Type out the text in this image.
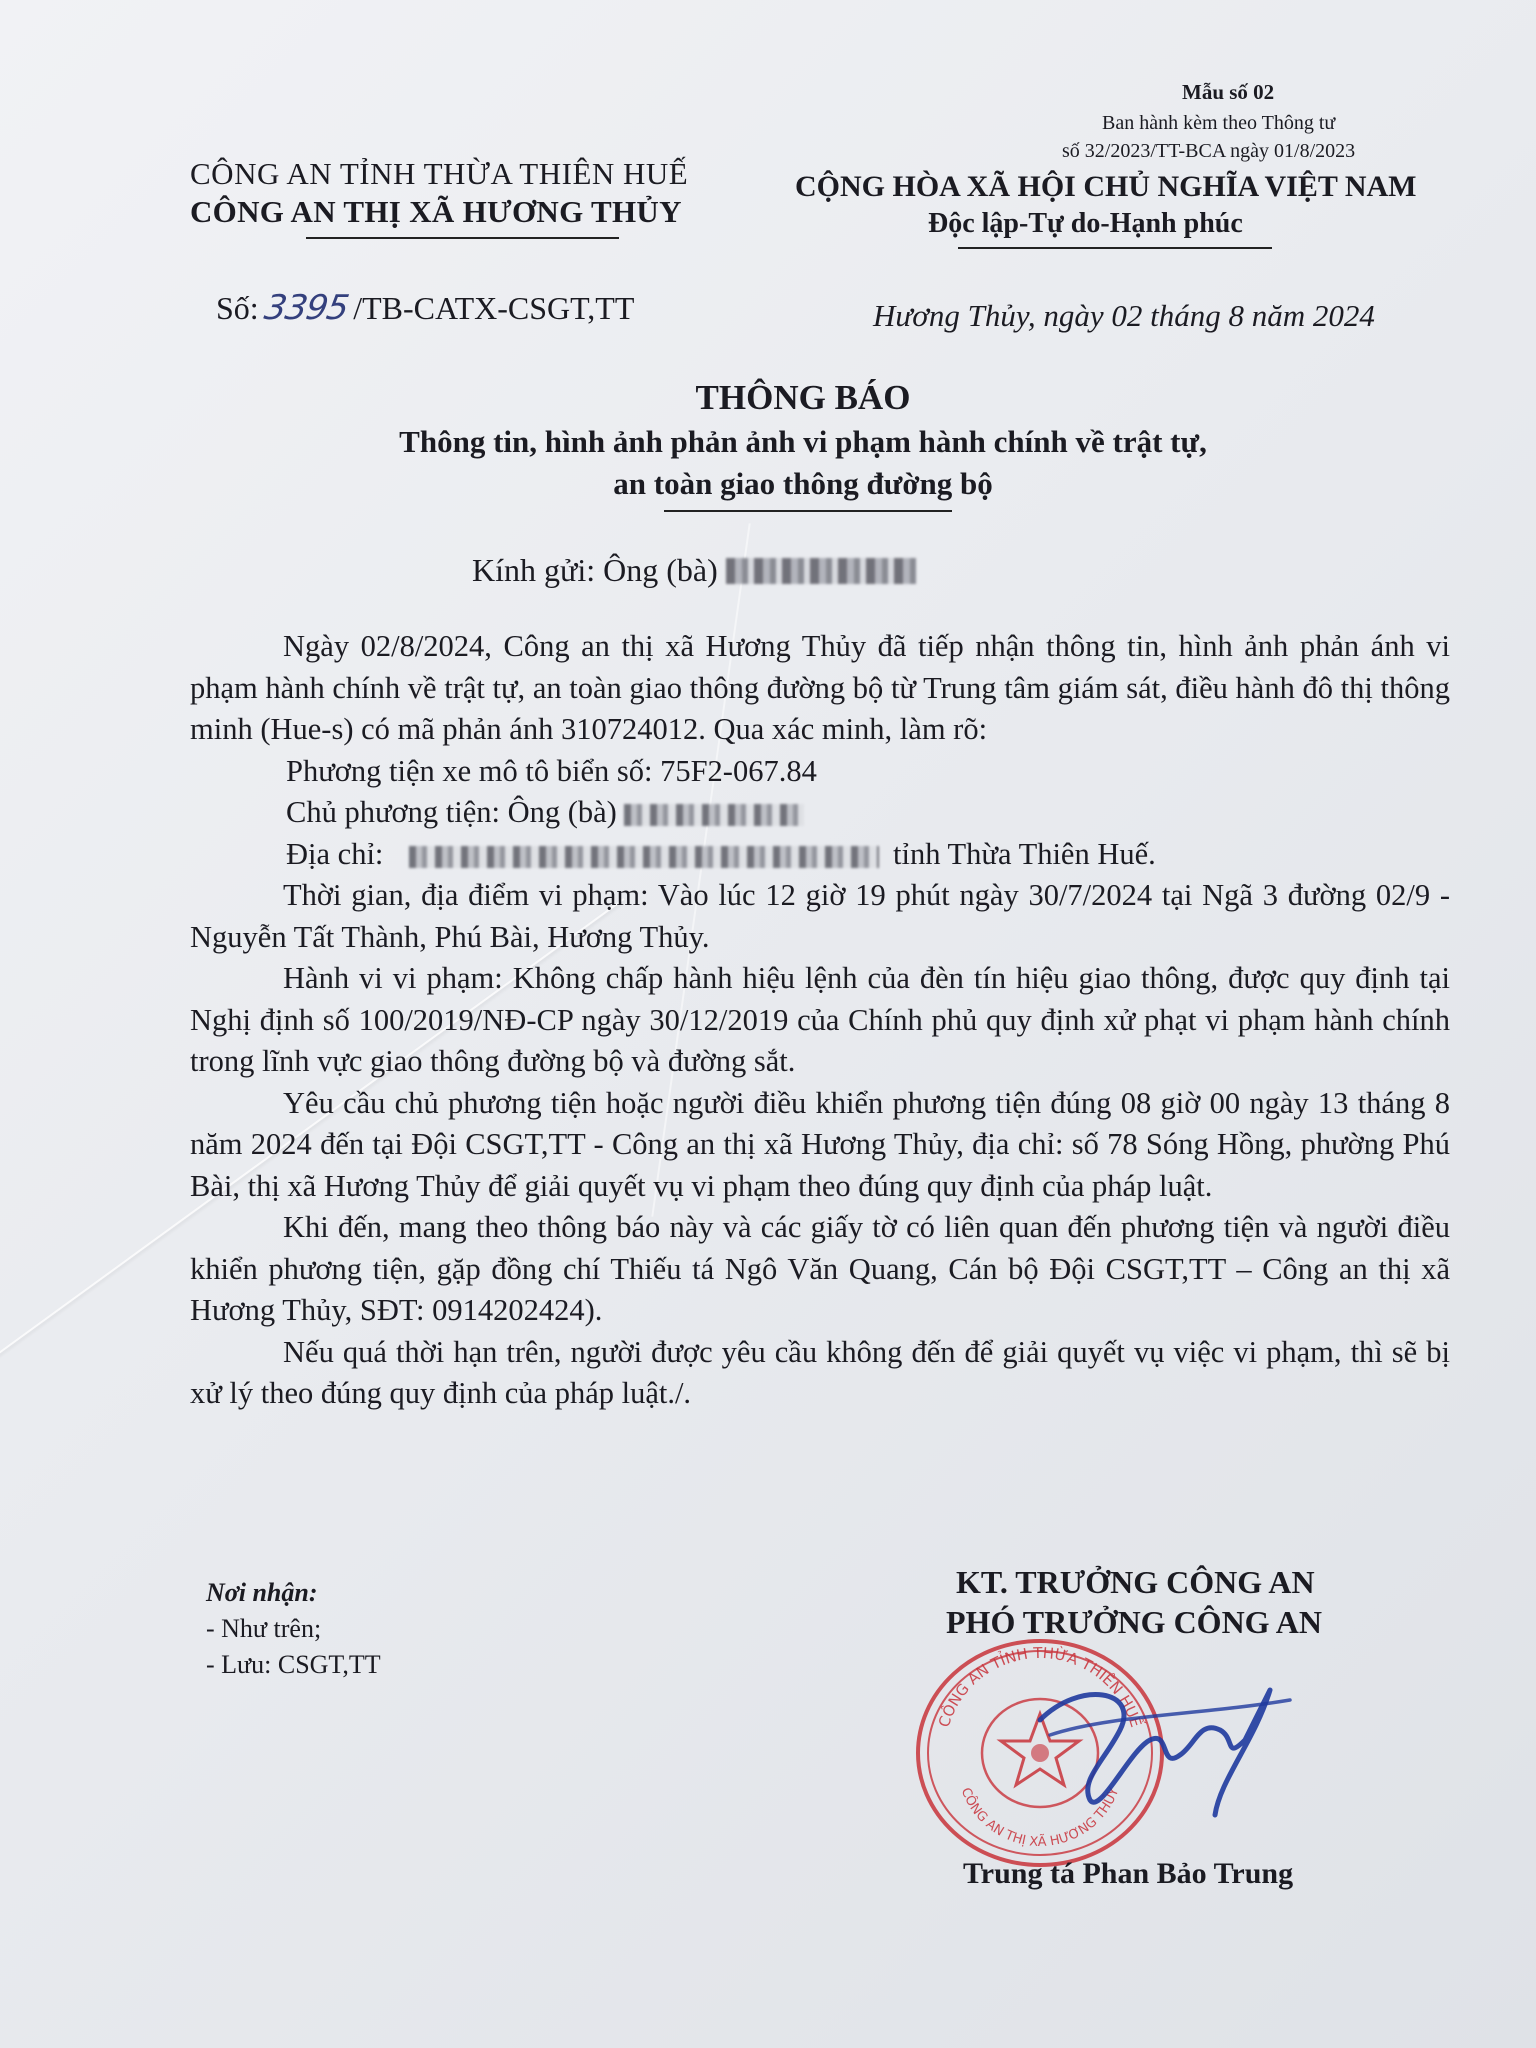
Mẫu số 02
Ban hành kèm theo Thông tư
số 32/2023/TT-BCA ngày 01/8/2023
CÔNG AN TỈNH THỪA THIÊN HUẾ
CÔNG AN THỊ XÃ HƯƠNG THỦY
CỘNG HÒA XÃ HỘI CHỦ NGHĨA VIỆT NAM
Độc lập-Tự do-Hạnh phúc
Số: 3395 /TB-CATX-CSGT,TT	Hương Thủy, ngày 02 tháng 8 năm 2024
THÔNG BÁO
Thông tin, hình ảnh phản ảnh vi phạm hành chính về trật tự,
an toàn giao thông đường bộ
Kính gửi: Ông (bà)

Ngày 02/8/2024, Công an thị xã Hương Thủy đã tiếp nhận thông tin, hình ảnh phản ánh vi phạm hành chính về trật tự, an toàn giao thông đường bộ từ Trung tâm giám sát, điều hành đô thị thông minh (Hue-s) có mã phản ánh 310724012. Qua xác minh, làm rõ:

Phương tiện xe mô tô biển số: 75F2-067.84

Chủ phương tiện: Ông (bà)

Địa chỉ:	tỉnh Thừa Thiên Huế.

Thời gian, địa điểm vi phạm: Vào lúc 12 giờ 19 phút ngày 30/7/2024 tại Ngã 3 đường 02/9 - Nguyễn Tất Thành, Phú Bài, Hương Thủy.

Hành vi vi phạm: Không chấp hành hiệu lệnh của đèn tín hiệu giao thông, được quy định tại Nghị định số 100/2019/NĐ-CP ngày 30/12/2019 của Chính phủ quy định xử phạt vi phạm hành chính trong lĩnh vực giao thông đường bộ và đường sắt.

Yêu cầu chủ phương tiện hoặc người điều khiển phương tiện đúng 08 giờ 00 ngày 13 tháng 8 năm 2024 đến tại Đội CSGT,TT - Công an thị xã Hương Thủy, địa chỉ: số 78 Sóng Hồng, phường Phú Bài, thị xã Hương Thủy để giải quyết vụ vi phạm theo đúng quy định của pháp luật.

Khi đến, mang theo thông báo này và các giấy tờ có liên quan đến phương tiện và người điều khiển phương tiện, gặp đồng chí Thiếu tá Ngô Văn Quang, Cán bộ Đội CSGT,TT – Công an thị xã Hương Thủy, SĐT: 0914202424).

Nếu quá thời hạn trên, người được yêu cầu không đến để giải quyết vụ việc vi phạm, thì sẽ bị xử lý theo đúng quy định của pháp luật./.

Nơi nhận:
- Như trên;
- Lưu: CSGT,TT
KT. TRƯỞNG CÔNG AN
PHÓ TRƯỞNG CÔNG AN
CÔNG AN TỈNH THỪA THIÊN HUẾ
CÔNG AN THỊ XÃ HƯƠNG THỦY
Trung tá Phan Bảo Trung
